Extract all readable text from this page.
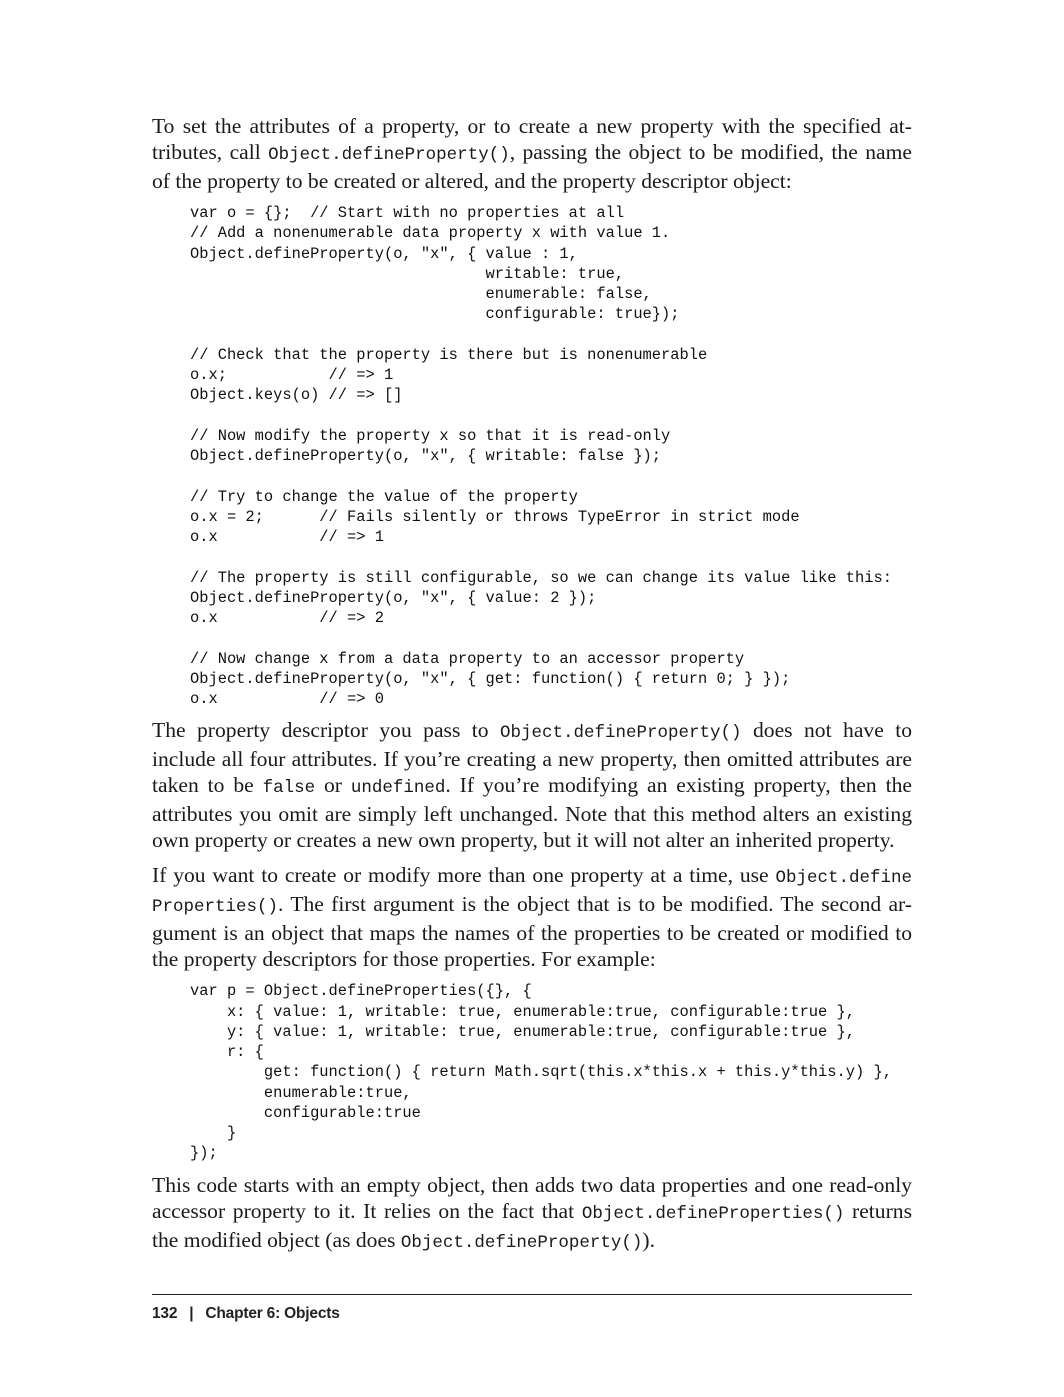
To set the attributes of a property, or to create a new property with the specified at- tributes, call Object.defineProperty(), passing the object to be modified, the name of the property to be created or altered, and the property descriptor object:

var o = {};  // Start with no properties at all
// Add a nonenumerable data property x with value 1.
Object.defineProperty(o, "x", { value : 1,
writable: true,
enumerable: false,
configurable: true});

// Check that the property is there but is nonenumerable
o.x;           // => 1
Object.keys(o) // => []

// Now modify the property x so that it is read-only
Object.defineProperty(o, "x", { writable: false });

// Try to change the value of the property
o.x = 2;      // Fails silently or throws TypeError in strict mode
o.x           // => 1

// The property is still configurable, so we can change its value like this:
Object.defineProperty(o, "x", { value: 2 });
o.x           // => 2

// Now change x from a data property to an accessor property
Object.defineProperty(o, "x", { get: function() { return 0; } });
o.x           // => 0

The property descriptor you pass to Object.defineProperty() does not have to include all four attributes. If you’re creating a new property, then omitted attributes are taken to be false or undefined. If you’re modifying an existing property, then the attributes you omit are simply left unchanged. Note that this method alters an existing own property or creates a new own property, but it will not alter an inherited property.

If you want to create or modify more than one property at a time, use Object.define Properties(). The first argument is the object that is to be modified. The second ar- gument is an object that maps the names of the properties to be created or modified to the property descriptors for those properties. For example:

var p = Object.defineProperties({}, {
x: { value: 1, writable: true, enumerable:true, configurable:true },
y: { value: 1, writable: true, enumerable:true, configurable:true },
r: {
get: function() { return Math.sqrt(this.x*this.x + this.y*this.y) },
enumerable:true,
configurable:true
}
});

This code starts with an empty object, then adds two data properties and one read-only accessor property to it. It relies on the fact that Object.defineProperties() returns the modified object (as does Object.defineProperty()).

132 | Chapter 6: Objects
